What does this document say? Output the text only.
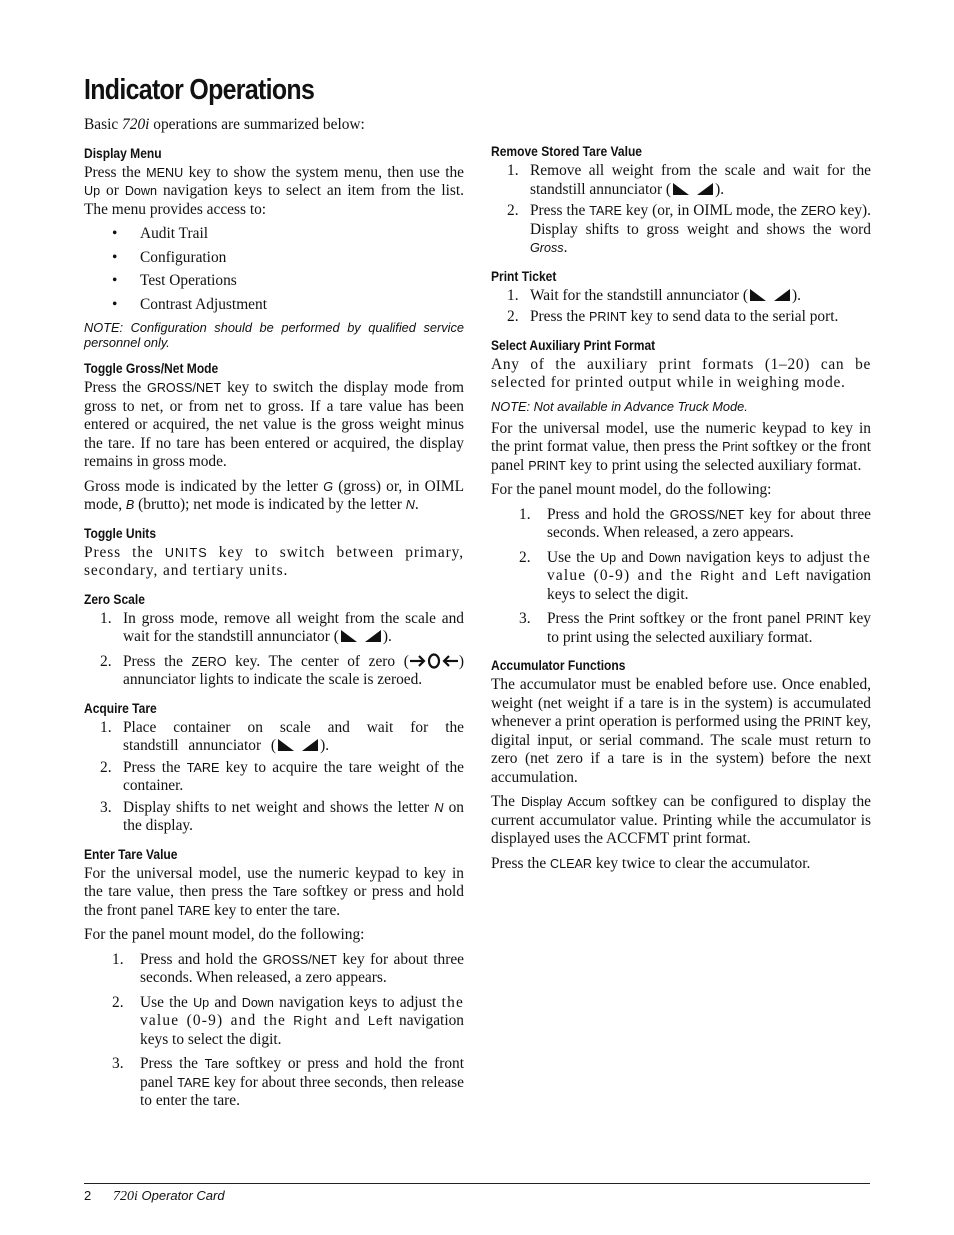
Indicator Operations

Basic 720i operations are summarized below:

Display Menu

Press the MENU key to show the system menu, then use the Up or Down navigation keys to select an item from the list. The menu provides access to:

• Audit Trail
• Configuration
• Test Operations
• Contrast Adjustment
NOTE: Configuration should be performed by qualified service personnel only.
Toggle Gross/Net Mode

Press the GROSS/NET key to switch the display mode from gross to net, or from net to gross. If a tare value has been entered or acquired, the net value is the gross weight minus the tare. If no tare has been entered or acquired, the display remains in gross mode.

Gross mode is indicated by the letter G (gross) or, in OIML mode, B (brutto); net mode is indicated by the letter N.

Toggle Units

Press the UNITS key to switch between primary, secondary, and tertiary units.

Zero Scale
1. In gross mode, remove all weight from the scale and wait for the standstill annunciator (	).
2. Press the ZERO key. The center of zero (	) annunciator lights to indicate the scale is zeroed.
Acquire Tare
1. Place container on scale and wait for the standstill annunciator (	).
2. Press the TARE key to acquire the tare weight of the container.
3. Display shifts to net weight and shows the letter N on the display.
Enter Tare Value

For the universal model, use the numeric keypad to key in the tare value, then press the Tare softkey or press and hold the front panel TARE key to enter the tare.

For the panel mount model, do the following:

1. Press and hold the GROSS/NET key for about three seconds. When released, a zero appears.
2. Use the Up and Down navigation keys to adjust the value (0-9) and the Right and Left navigation keys to select the digit.
3. Press the Tare softkey or press and hold the front panel TARE key for about three seconds, then release to enter the tare.
Remove Stored Tare Value
1. Remove all weight from the scale and wait for the standstill annunciator (	).
2. Press the TARE key (or, in OIML mode, the ZERO key). Display shifts to gross weight and shows the word Gross.
Print Ticket
1. Wait for the standstill annunciator (	).
2. Press the PRINT key to send data to the serial port.
Select Auxiliary Print Format

Any of the auxiliary print formats (1–20) can be selected for printed output while in weighing mode.

NOTE: Not available in Advance Truck Mode.

For the universal model, use the numeric keypad to key in the print format value, then press the Print softkey or the front panel PRINT key to print using the selected auxiliary format.

For the panel mount model, do the following:

1. Press and hold the GROSS/NET key for about three seconds. When released, a zero appears.
2. Use the Up and Down navigation keys to adjust the value (0-9) and the Right and Left navigation keys to select the digit.
3. Press the Print softkey or the front panel PRINT key to print using the selected auxiliary format.
Accumulator Functions

The accumulator must be enabled before use. Once enabled, weight (net weight if a tare is in the system) is accumulated whenever a print operation is performed using the PRINT key, digital input, or serial command. The scale must return to zero (net zero if a tare is in the system) before the next accumulation.

The Display Accum softkey can be configured to display the current accumulator value. Printing while the accumulator is displayed uses the ACCFMT print format.

Press the CLEAR key twice to clear the accumulator.

2 720i Operator Card
